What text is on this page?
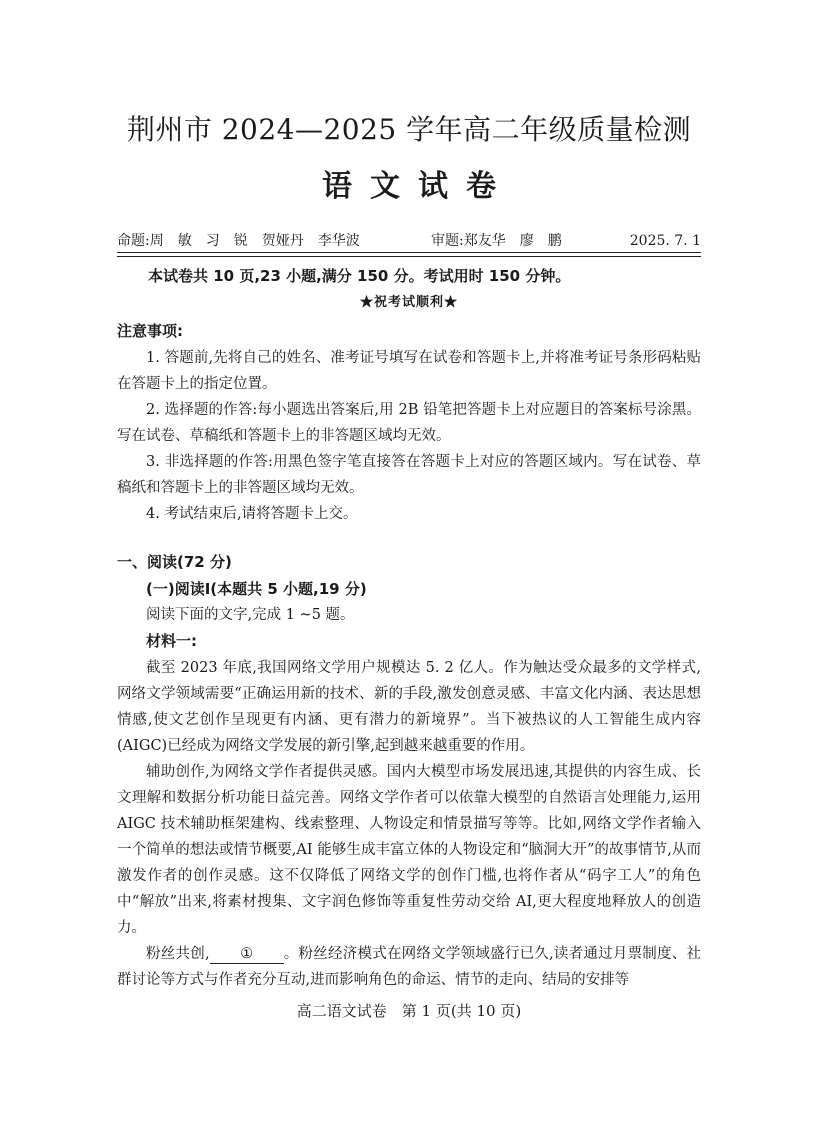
荆州市 2024—2025 学年高二年级质量检测
语文试卷
命题:周　敏　习　锐　贺娅丹　李华波	审题:郑友华　廖　鹏	2025. 7. 1
本试卷共 10 页,23 小题,满分 150 分。考试用时 150 分钟。
★祝考试顺利★
注意事项:

1. 答题前,先将自己的姓名、准考证号填写在试卷和答题卡上,并将准考证号条形码粘贴在答题卡上的指定位置。

2. 选择题的作答:每小题选出答案后,用 2B 铅笔把答题卡上对应题目的答案标号涂黑。写在试卷、草稿纸和答题卡上的非答题区域均无效。

3. 非选择题的作答:用黑色签字笔直接答在答题卡上对应的答题区域内。写在试卷、草稿纸和答题卡上的非答题区域均无效。

4. 考试结束后,请将答题卡上交。

一、阅读(72 分)
(一)阅读Ⅰ(本题共 5 小题,19 分)
阅读下面的文字,完成 1 ~5 题。
材料一:

截至 2023 年底,我国网络文学用户规模达 5. 2 亿人。作为触达受众最多的文学样式,网络文学领域需要“正确运用新的技术、新的手段,激发创意灵感、丰富文化内涵、表达思想情感,使文艺创作呈现更有内涵、更有潜力的新境界”。当下被热议的人工智能生成内容(AIGC)已经成为网络文学发展的新引擎,起到越来越重要的作用。

辅助创作,为网络文学作者提供灵感。国内大模型市场发展迅速,其提供的内容生成、长文理解和数据分析功能日益完善。网络文学作者可以依靠大模型的自然语言处理能力,运用 AIGC 技术辅助框架建构、线索整理、人物设定和情景描写等等。比如,网络文学作者输入一个简单的想法或情节概要,AI 能够生成丰富立体的人物设定和“脑洞大开”的故事情节,从而激发作者的创作灵感。这不仅降低了网络文学的创作门槛,也将作者从“码字工人”的角色中“解放”出来,将素材搜集、文字润色修饰等重复性劳动交给 AI,更大程度地释放人的创造力。

粉丝共创, ① 。粉丝经济模式在网络文学领域盛行已久,读者通过月票制度、社群讨论等方式与作者充分互动,进而影响角色的命运、情节的走向、结局的安排等

高二语文试卷　第 1 页(共 10 页)
